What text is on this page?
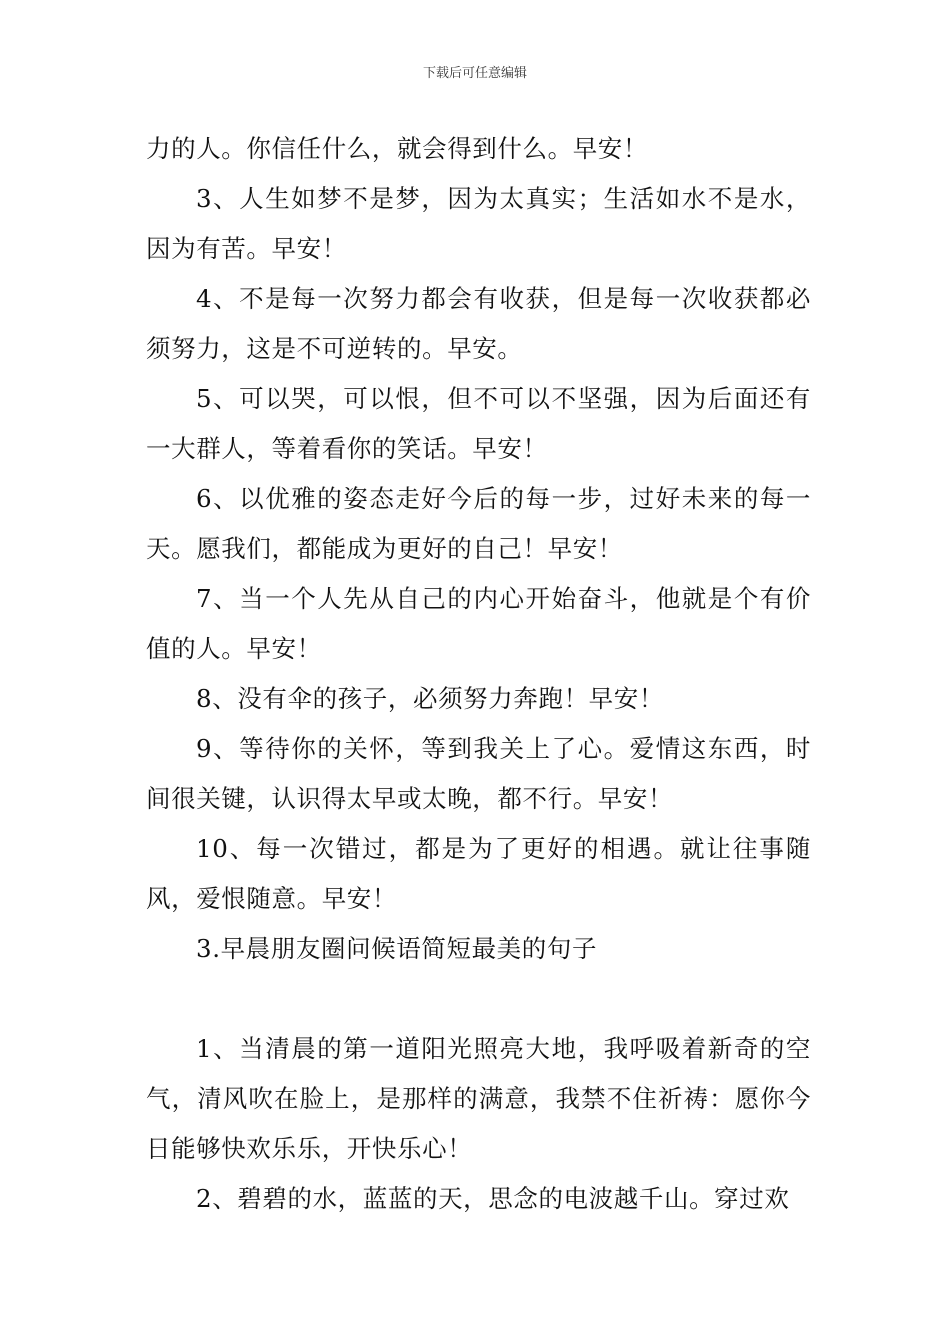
下载后可任意编辑

力的人。你信任什么，就会得到什么。早安！

3、人生如梦不是梦，因为太真实；生活如水不是水，因为有苦。早安！

4、不是每一次努力都会有收获，但是每一次收获都必须努力，这是不可逆转的。早安。

5、可以哭，可以恨，但不可以不坚强，因为后面还有一大群人，等着看你的笑话。早安！

6、以优雅的姿态走好今后的每一步，过好未来的每一天。愿我们，都能成为更好的自己！早安！

7、当一个人先从自己的内心开始奋斗，他就是个有价值的人。早安！

8、没有伞的孩子，必须努力奔跑！早安！

9、等待你的关怀，等到我关上了心。爱情这东西，时间很关键，认识得太早或太晚，都不行。早安！

10、每一次错过，都是为了更好的相遇。就让往事随风，爱恨随意。早安！

3.早晨朋友圈问候语简短最美的句子

1、当清晨的第一道阳光照亮大地，我呼吸着新奇的空气，清风吹在脸上，是那样的满意，我禁不住祈祷：愿你今日能够快欢乐乐，开快乐心！

2、碧碧的水，蓝蓝的天，思念的电波越千山。穿过欢
